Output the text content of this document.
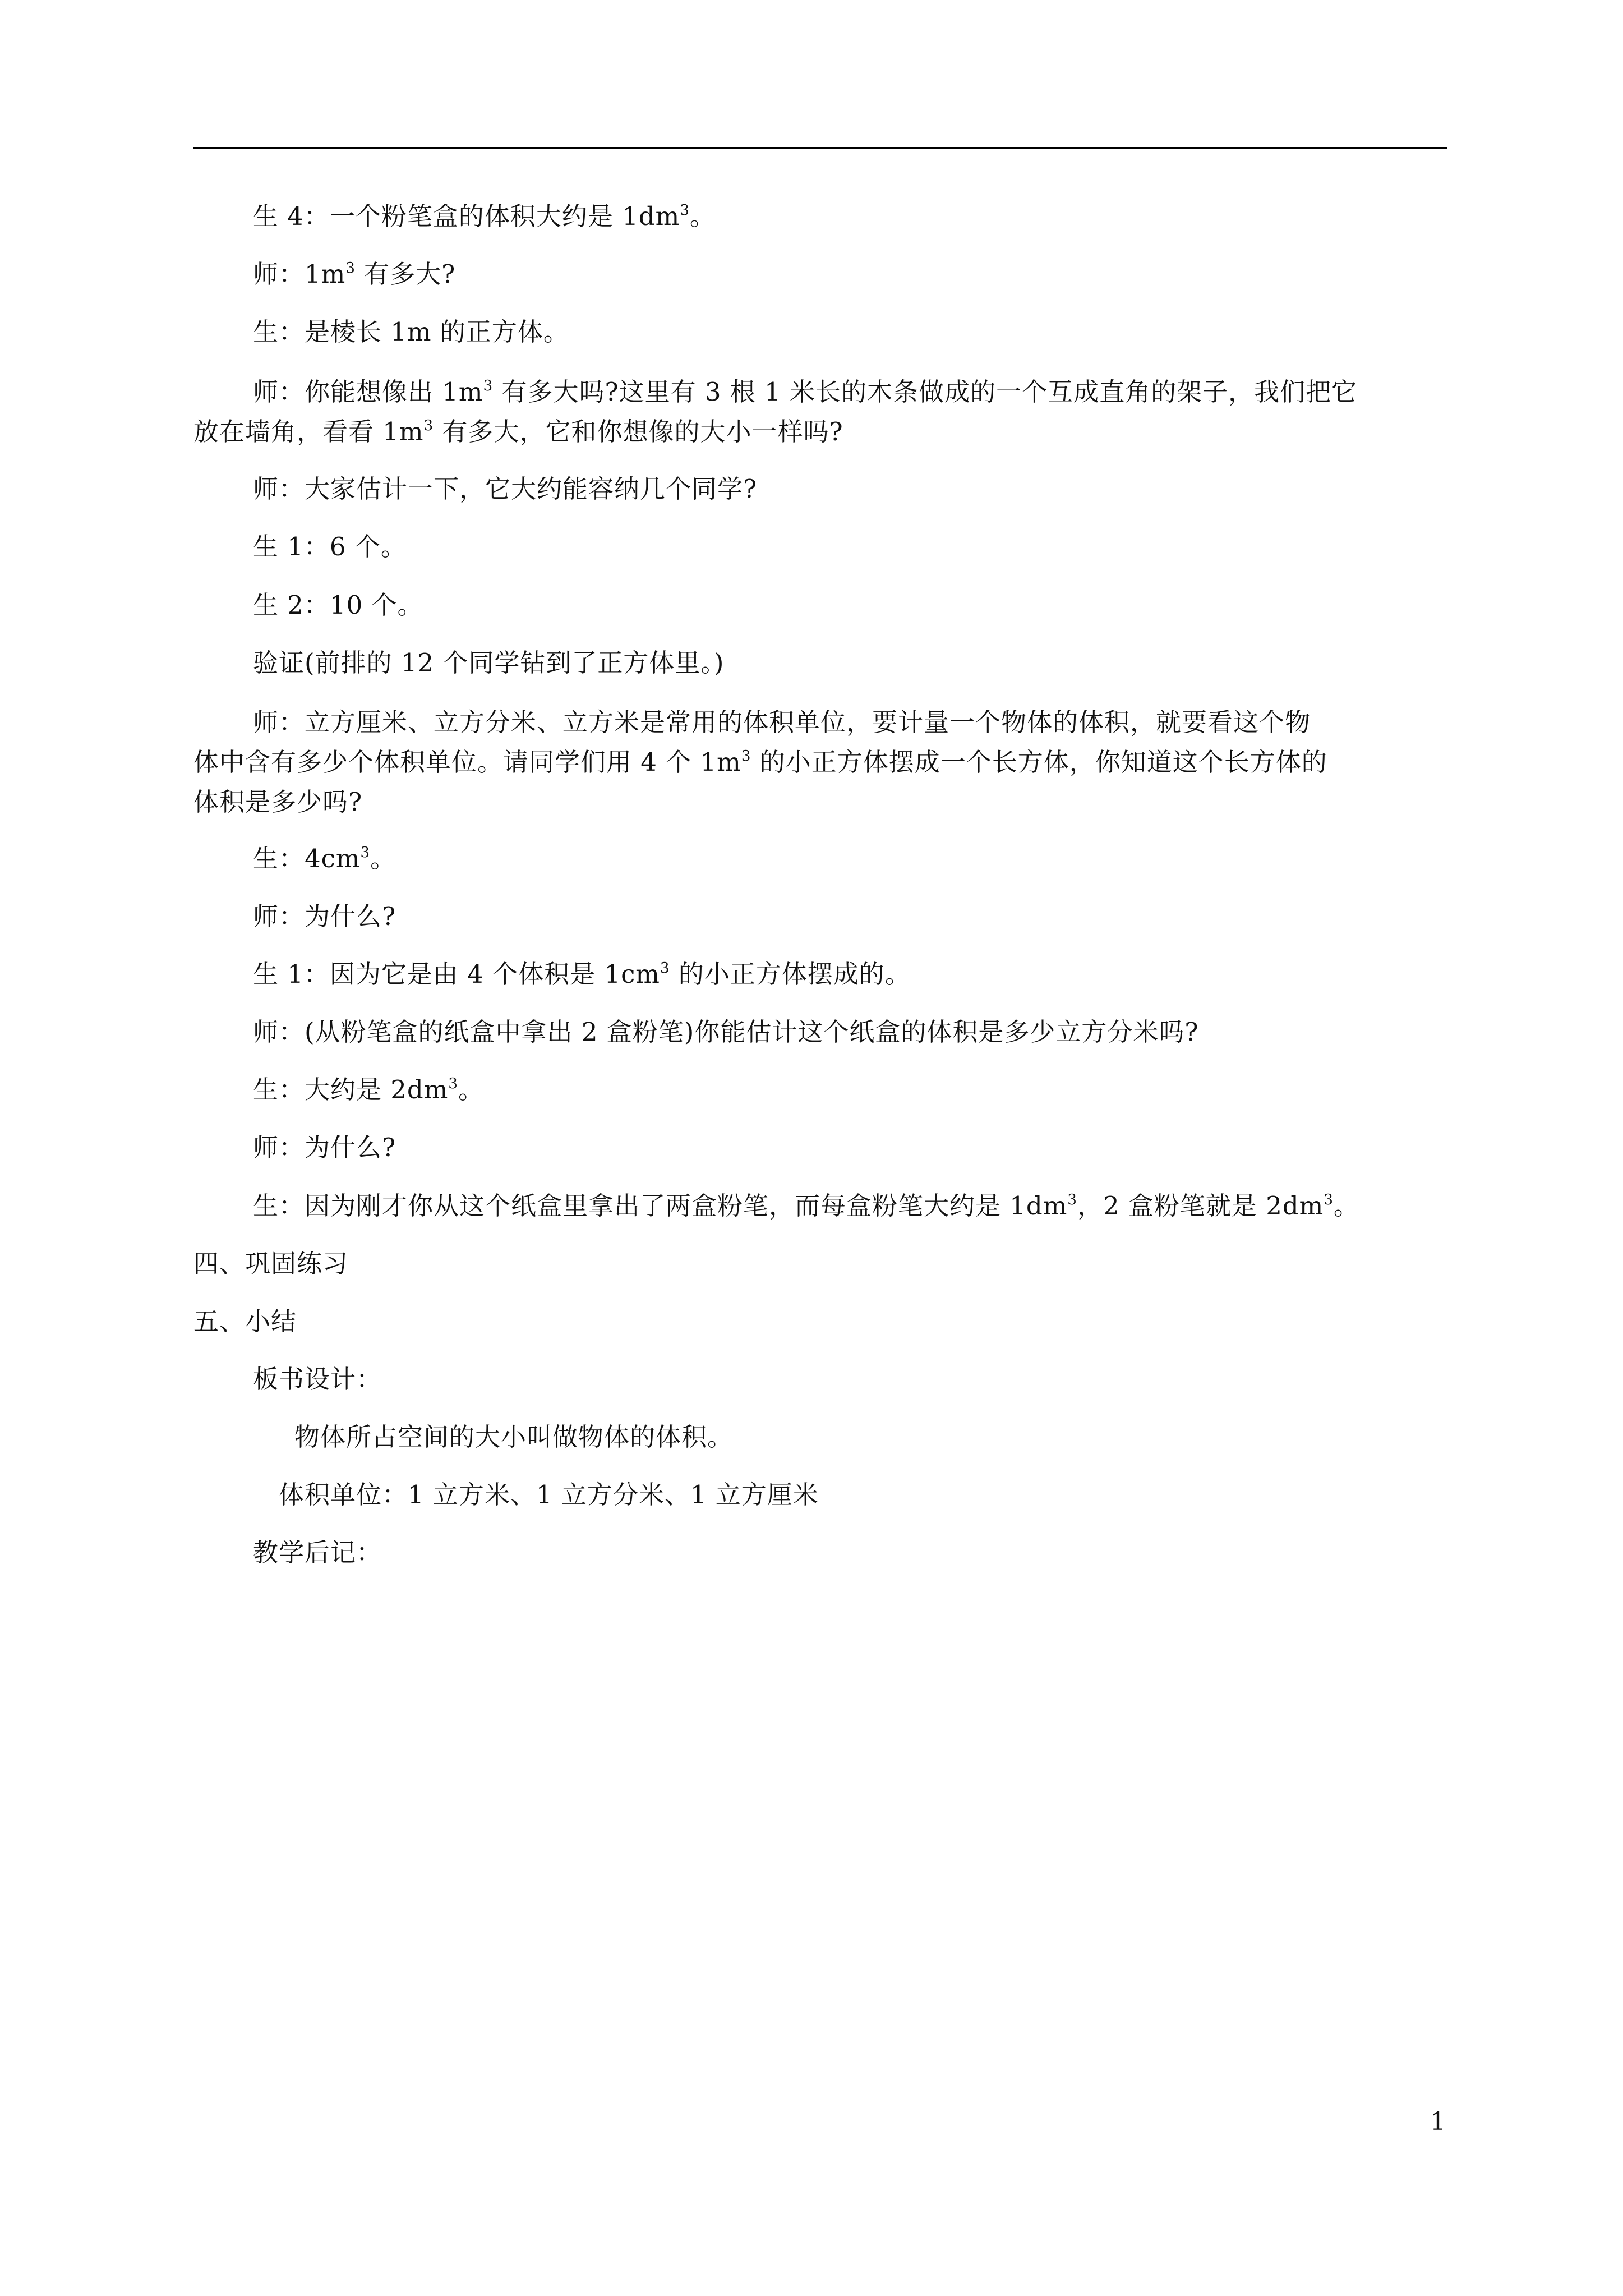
生 4：一个粉笔盒的体积大约是 $1dm^3$。
师：$1m^3$ 有多大?
生：是棱长 1m 的正方体。
师：你能想像出 $1m^3$ 有多大吗?这里有 3 根 1 米长的木条做成的一个互成直角的架子，我们把它
放在墙角，看看 $1m^3$ 有多大，它和你想像的大小一样吗?
师：大家估计一下，它大约能容纳几个同学?
生 1：6 个。
生 2：10 个。
验证(前排的 12 个同学钻到了正方体里。)
师：立方厘米、立方分米、立方米是常用的体积单位，要计量一个物体的体积，就要看这个物
体中含有多少个体积单位。请同学们用 4 个 $1m^3$ 的小正方体摆成一个长方体，你知道这个长方体的
体积是多少吗?
生：$4cm^3$。
师：为什么?
生 1：因为它是由 4 个体积是 $1cm^3$ 的小正方体摆成的。
师：(从粉笔盒的纸盒中拿出 2 盒粉笔)你能估计这个纸盒的体积是多少立方分米吗?
生：大约是 $2dm^3$。
师：为什么?
生：因为刚才你从这个纸盒里拿出了两盒粉笔，而每盒粉笔大约是 $1dm^3$，2 盒粉笔就是 $2dm^3$。
四、巩固练习
五、小结
板书设计：
物体所占空间的大小叫做物体的体积。
体积单位：1 立方米、1 立方分米、1 立方厘米
教学后记：
1
